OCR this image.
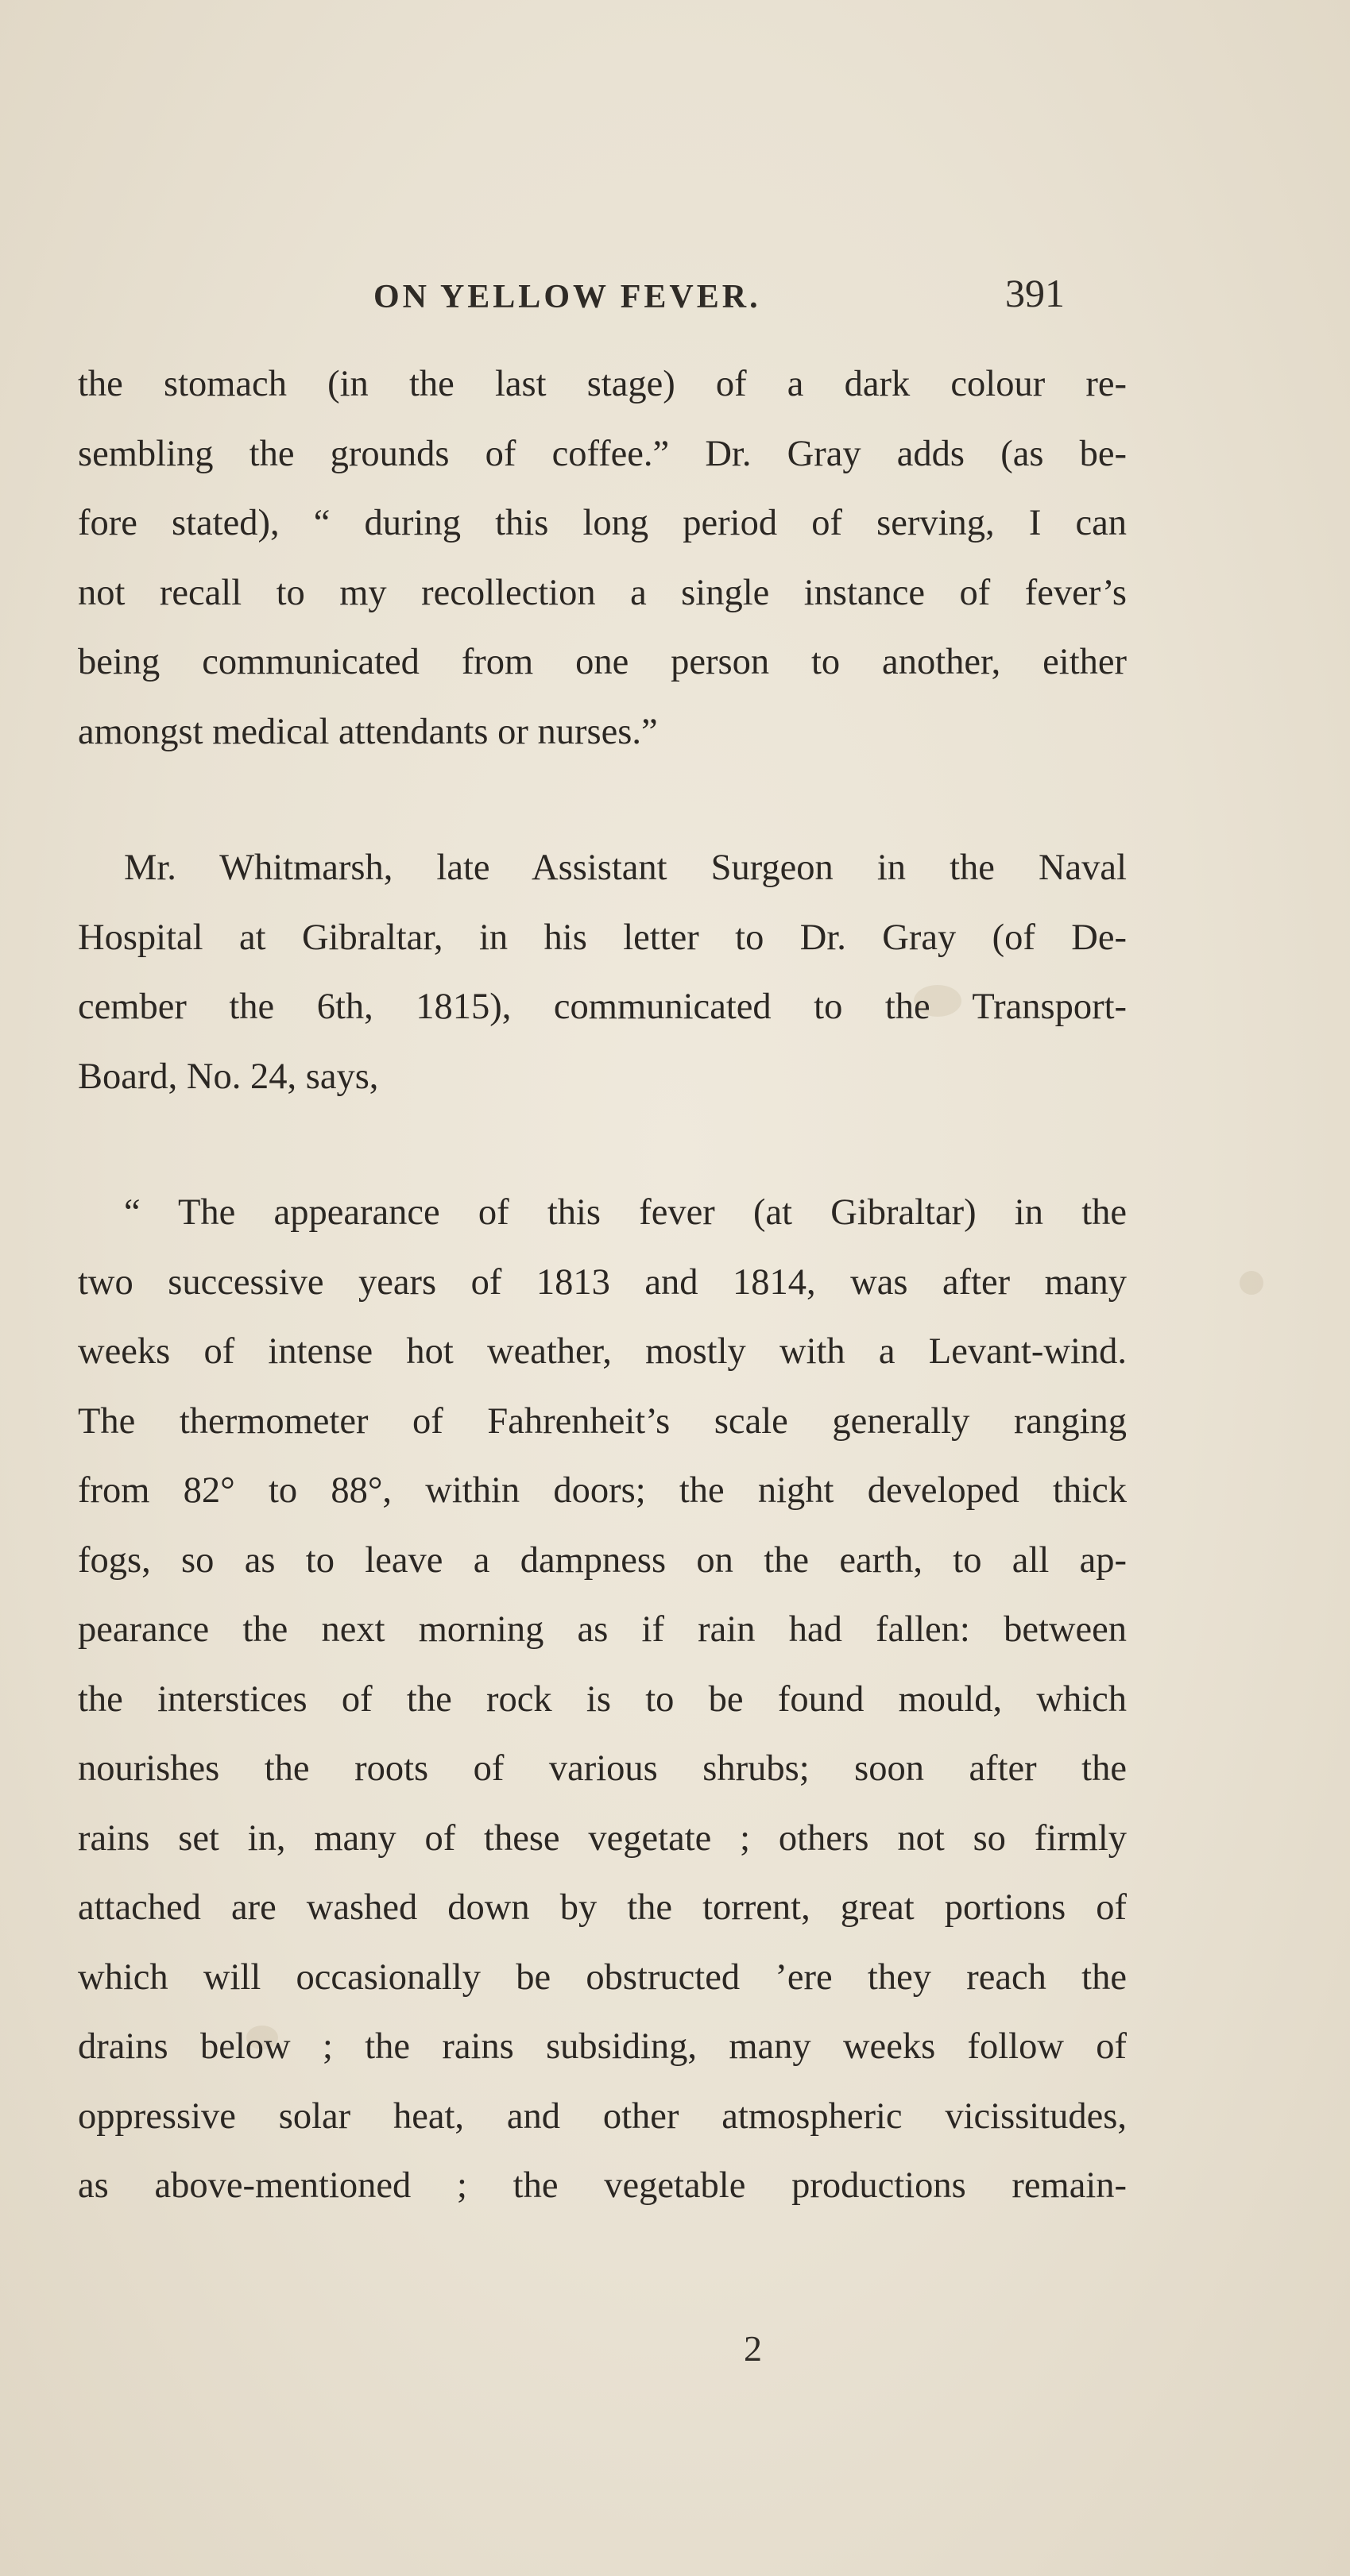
ON YELLOW FEVER.	391
the stomach (in the last stage) of a dark colour re-
sembling the grounds of coffee.” Dr. Gray adds (as be-
fore stated), “ during this long period of serving, I can
not recall to my recollection a single instance of fever’s
being communicated from one person to another, either
amongst medical attendants or nurses.”
Mr. Whitmarsh, late Assistant Surgeon in the Naval
Hospital at Gibraltar, in his letter to Dr. Gray (of De-
cember the 6th, 1815), communicated to the Transport-
Board, No. 24, says,
“ The appearance of this fever (at Gibraltar) in the
two successive years of 1813 and 1814, was after many
weeks of intense hot weather, mostly with a Levant-wind.
The thermometer of Fahrenheit’s scale generally ranging
from 82° to 88°, within doors; the night developed thick
fogs, so as to leave a dampness on the earth, to all ap-
pearance the next morning as if rain had fallen: between
the interstices of the rock is to be found mould, which
nourishes the roots of various shrubs; soon after the
rains set in, many of these vegetate ; others not so firmly
attached are washed down by the torrent, great portions of
which will occasionally be obstructed ’ere they reach the
drains below ; the rains subsiding, many weeks follow of
oppressive solar heat, and other atmospheric vicissitudes,
as above-mentioned ; the vegetable productions remain-
2
